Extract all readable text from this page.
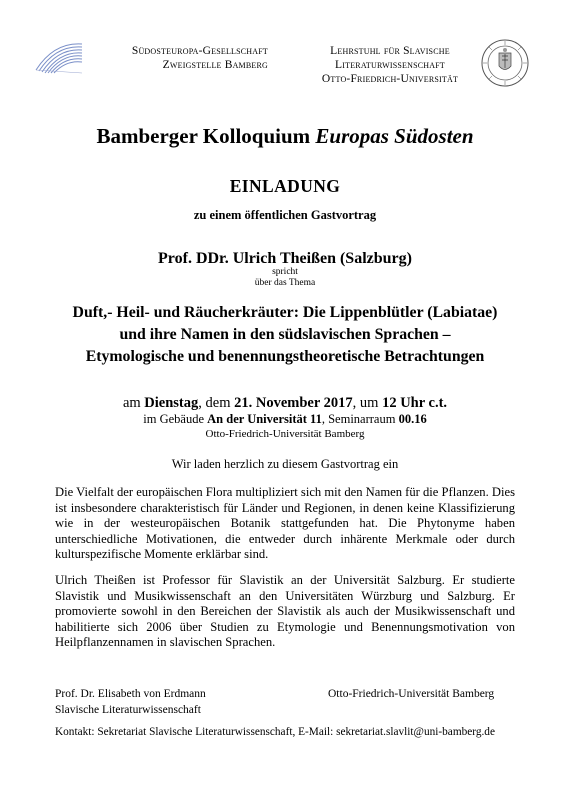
Südosteuropa-Gesellschaft
Zweigstelle Bamberg
Lehrstuhl für Slavische
Literaturwissenschaft
Otto-Friedrich-Universität
Bamberger Kolloquium Europas Südosten
EINLADUNG
zu einem öffentlichen Gastvortrag
Prof. DDr. Ulrich Theißen (Salzburg)
spricht
über das Thema
Duft,- Heil- und Räucherkräuter: Die Lippenblütler (Labiatae)
und ihre Namen in den südslavischen Sprachen –
Etymologische und benennungstheoretische Betrachtungen
am Dienstag, dem 21. November 2017, um 12 Uhr c.t.
im Gebäude An der Universität 11, Seminarraum 00.16
Otto-Friedrich-Universität Bamberg
Wir laden herzlich zu diesem Gastvortrag ein
Die Vielfalt der europäischen Flora multipliziert sich mit den Namen für die Pflanzen. Dies ist insbesondere charakteristisch für Länder und Regionen, in denen keine Klassifizierung wie in der westeuropäischen Botanik stattgefunden hat. Die Phytonyme haben unterschiedliche Motivationen, die entweder durch inhärente Merkmale oder durch kulturspezifische Momente erklärbar sind.
Ulrich Theißen ist Professor für Slavistik an der Universität Salzburg. Er studierte Slavistik und Musikwissenschaft an den Universitäten Würzburg und Salzburg. Er promovierte sowohl in den Bereichen der Slavistik als auch der Musikwissenschaft und habilitierte sich 2006 über Studien zu Etymologie und Benennungsmotivation von Heilpflanzennamen in slavischen Sprachen.
Prof. Dr. Elisabeth von Erdmann
Slavische Literaturwissenschaft
Otto-Friedrich-Universität Bamberg
Kontakt: Sekretariat Slavische Literaturwissenschaft, E-Mail: sekretariat.slavlit@uni-bamberg.de
